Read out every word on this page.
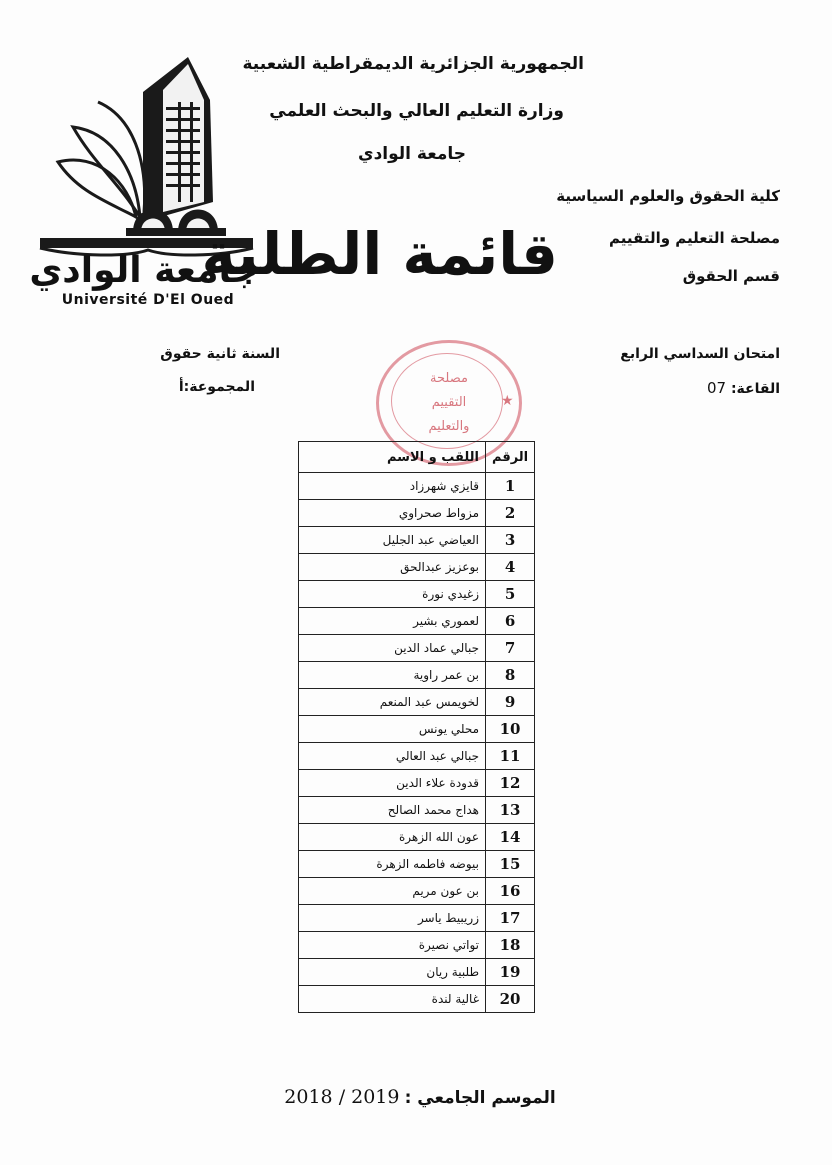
جامعة الوادي
Université D'El Oued
الجمهورية الجزائرية الديمقراطية الشعبية
وزارة التعليم العالي والبحث العلمي
جامعة الوادي
كلية الحقوق والعلوم السياسية
مصلحة التعليم والتقييم
قسم الحقوق
قائمة الطلبة
امتحان السداسي الرابع
القاعة: 07
السنة ثانية حقوق
المجموعة:أ
مصلحة
التقييم
والتعليم
★
الرقم	اللقب و الاسم
1	قايزي شهرزاد
2	مزواط صحراوي
3	العياضي عبد الجليل
4	بوعزيز عبدالحق
5	زغيدي نورة
6	لعموري بشير
7	جبالي عماد الدين
8	بن عمر راوية
9	لخويمس عبد المنعم
10	محلي يونس
11	جبالي عبد العالي
12	قدودة علاء الدين
13	هداج محمد الصالح
14	عون الله الزهرة
15	بيوضه فاطمه الزهرة
16	بن عون مريم
17	زريبيط ياسر
18	تواتي نصيرة
19	طلبية ريان
20	غالية لندة
الموسم الجامعي : 2018 / 2019
